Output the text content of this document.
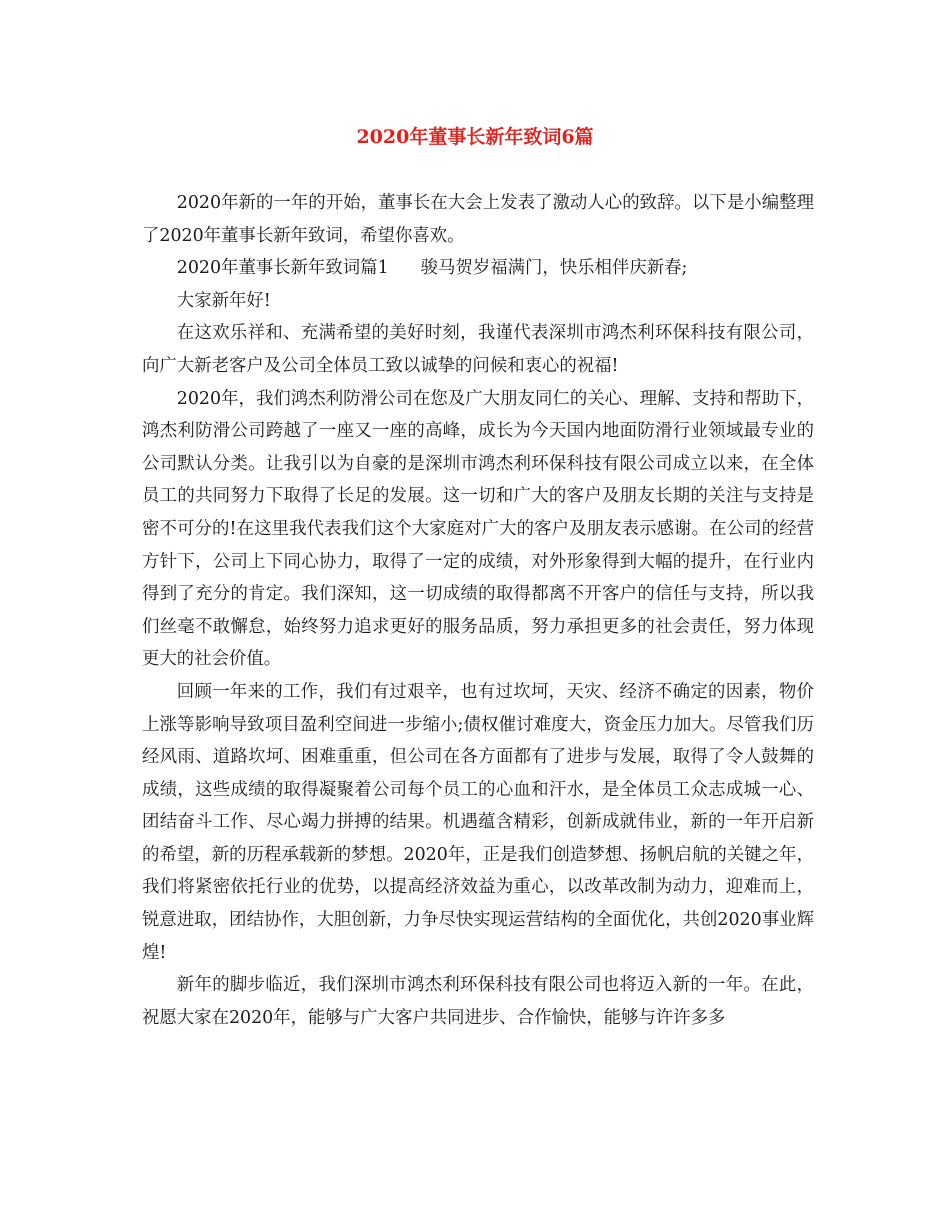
2020年董事长新年致词6篇

2020年新的一年的开始，董事长在大会上发表了激动人心的致辞。以下是小编整理了2020年董事长新年致词，希望你喜欢。

2020年董事长新年致词篇1 骏马贺岁福满门，快乐相伴庆新春;

大家新年好!

在这欢乐祥和、充满希望的美好时刻，我谨代表深圳市鸿杰利环保科技有限公司，向广大新老客户及公司全体员工致以诚挚的问候和衷心的祝福!

2020年，我们鸿杰利防滑公司在您及广大朋友同仁的关心、理解、支持和帮助下，鸿杰利防滑公司跨越了一座又一座的高峰，成长为今天国内地面防滑行业领域最专业的公司默认分类。让我引以为自豪的是深圳市鸿杰利环保科技有限公司成立以来，在全体员工的共同努力下取得了长足的发展。这一切和广大的客户及朋友长期的关注与支持是密不可分的!在这里我代表我们这个大家庭对广大的客户及朋友表示感谢。在公司的经营方针下，公司上下同心协力，取得了一定的成绩，对外形象得到大幅的提升，在行业内得到了充分的肯定。我们深知，这一切成绩的取得都离不开客户的信任与支持，所以我们丝毫不敢懈怠，始终努力追求更好的服务品质，努力承担更多的社会责任，努力体现更大的社会价值。

回顾一年来的工作，我们有过艰辛，也有过坎坷，天灾、经济不确定的因素，物价上涨等影响导致项目盈利空间进一步缩小;债权催讨难度大，资金压力加大。尽管我们历经风雨、道路坎坷、困难重重，但公司在各方面都有了进步与发展，取得了令人鼓舞的成绩，这些成绩的取得凝聚着公司每个员工的心血和汗水，是全体员工众志成城一心、团结奋斗工作、尽心竭力拼搏的结果。机遇蕴含精彩，创新成就伟业，新的一年开启新的希望，新的历程承载新的梦想。2020年，正是我们创造梦想、扬帆启航的关键之年，我们将紧密依托行业的优势，以提高经济效益为重心，以改革改制为动力，迎难而上，锐意进取，团结协作，大胆创新，力争尽快实现运营结构的全面优化，共创2020事业辉煌!

新年的脚步临近，我们深圳市鸿杰利环保科技有限公司也将迈入新的一年。在此，祝愿大家在2020年，能够与广大客户共同进步、合作愉快，能够与许许多多
